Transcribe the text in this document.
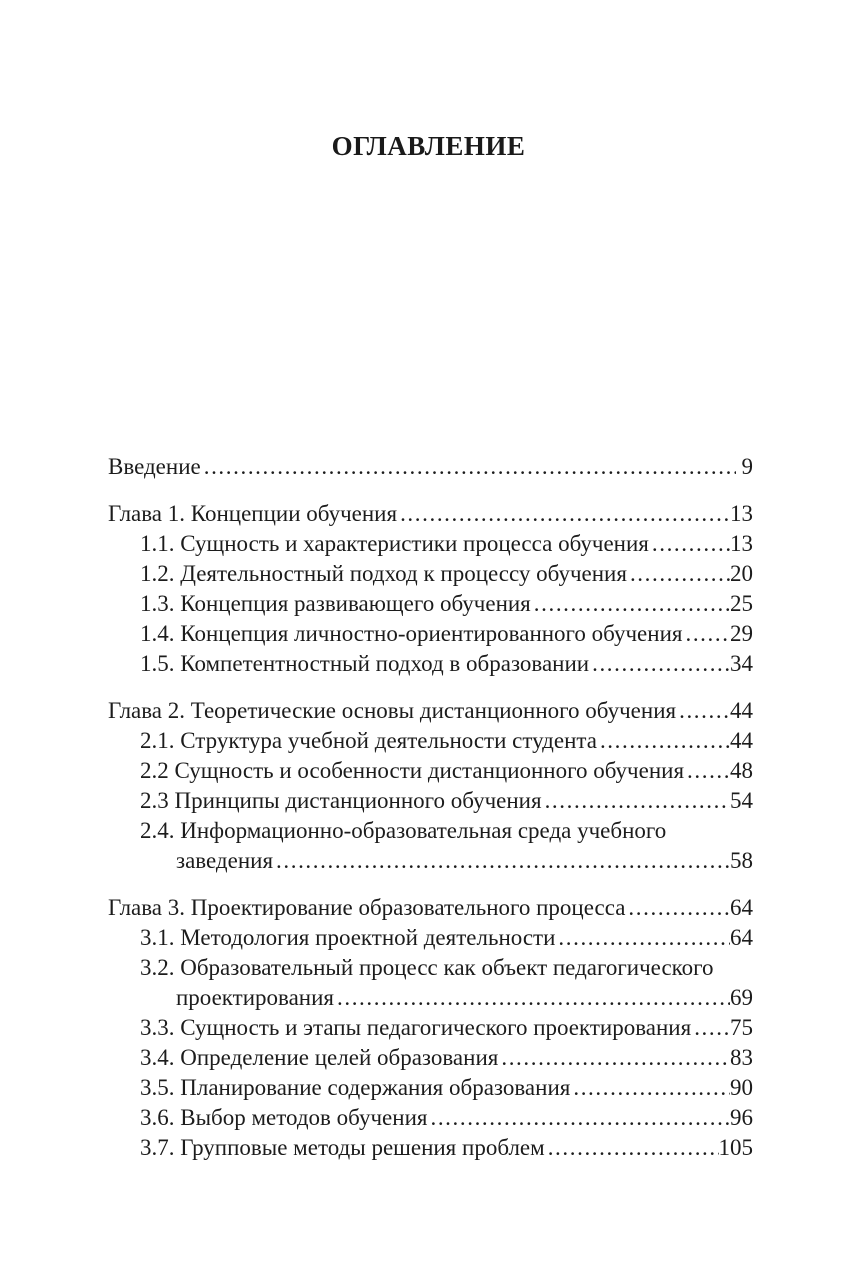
ОГЛАВЛЕНИЕ
Введение .....	9
Глава 1. Концепции обучения .....	13
1.1. Сущность и характеристики процесса обучения .....	13
1.2. Деятельностный подход к процессу обучения .....	20
1.3. Концепция развивающего обучения .....	25
1.4. Концепция личностно-ориентированного обучения ..... 29
1.5. Компетентностный подход в образовании .....	34
Глава 2. Теоретические основы дистанционного обучения ..... 44
2.1. Структура учебной деятельности студента .....	44
2.2 Сущность и особенности дистанционного обучения ..... 48
2.3 Принципы дистанционного обучения .....	54
2.4. Информационно-образовательная среда учебного
заведения .....	58
Глава 3. Проектирование образовательного процесса .....	64
3.1. Методология проектной деятельности .....	64
3.2. Образовательный процесс как объект педагогического
проектирования .....	69
3.3. Сущность и этапы педагогического проектирования ..... 75
3.4. Определение целей образования .....	83
3.5. Планирование содержания образования .....	90
3.6. Выбор методов обучения .....	96
3.7. Групповые методы решения проблем .....	105
